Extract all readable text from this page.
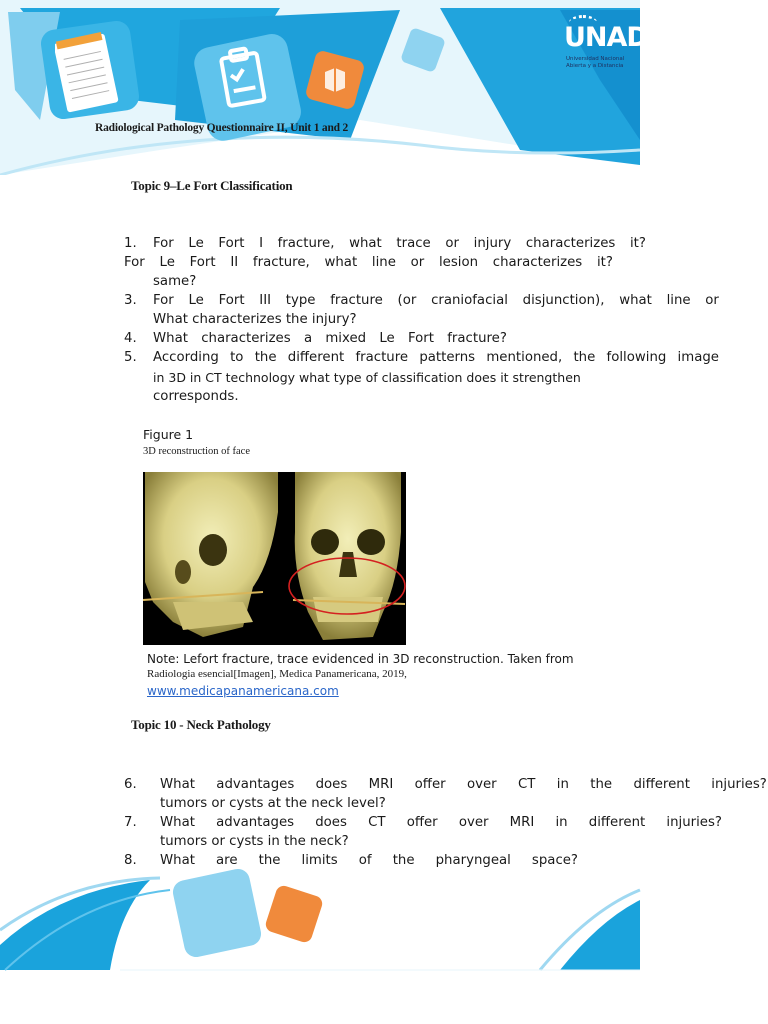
UNAD
Universidad Nacional
Abierta y a Distancia
Radiological Pathology Questionnaire II, Unit 1 and 2
Topic 9–Le Fort Classification
1. For Le Fort I fracture, what trace or injury characterizes it?
For Le Fort II fracture, what line or lesion characterizes it?
same?
3. For Le Fort III type fracture (or craniofacial disjunction), what line or
What characterizes the injury?
4. What characterizes a mixed Le Fort fracture?
5. According to the different fracture patterns mentioned, the following image
in 3D in CT technology what type of classification does it strengthen
corresponds.
Figure 1
3D reconstruction of face
Note: Lefort fracture, trace evidenced in 3D reconstruction. Taken from
Radiologia esencial[Imagen], Medica Panamericana, 2019,
www.medicapanamericana.com
Topic 10 - Neck Pathology
6. What advantages does MRI offer over CT in the different injuries?
tumors or cysts at the neck level?
7. What advantages does CT offer over MRI in different injuries?
tumors or cysts in the neck?
8. What are the limits of the pharyngeal space?
